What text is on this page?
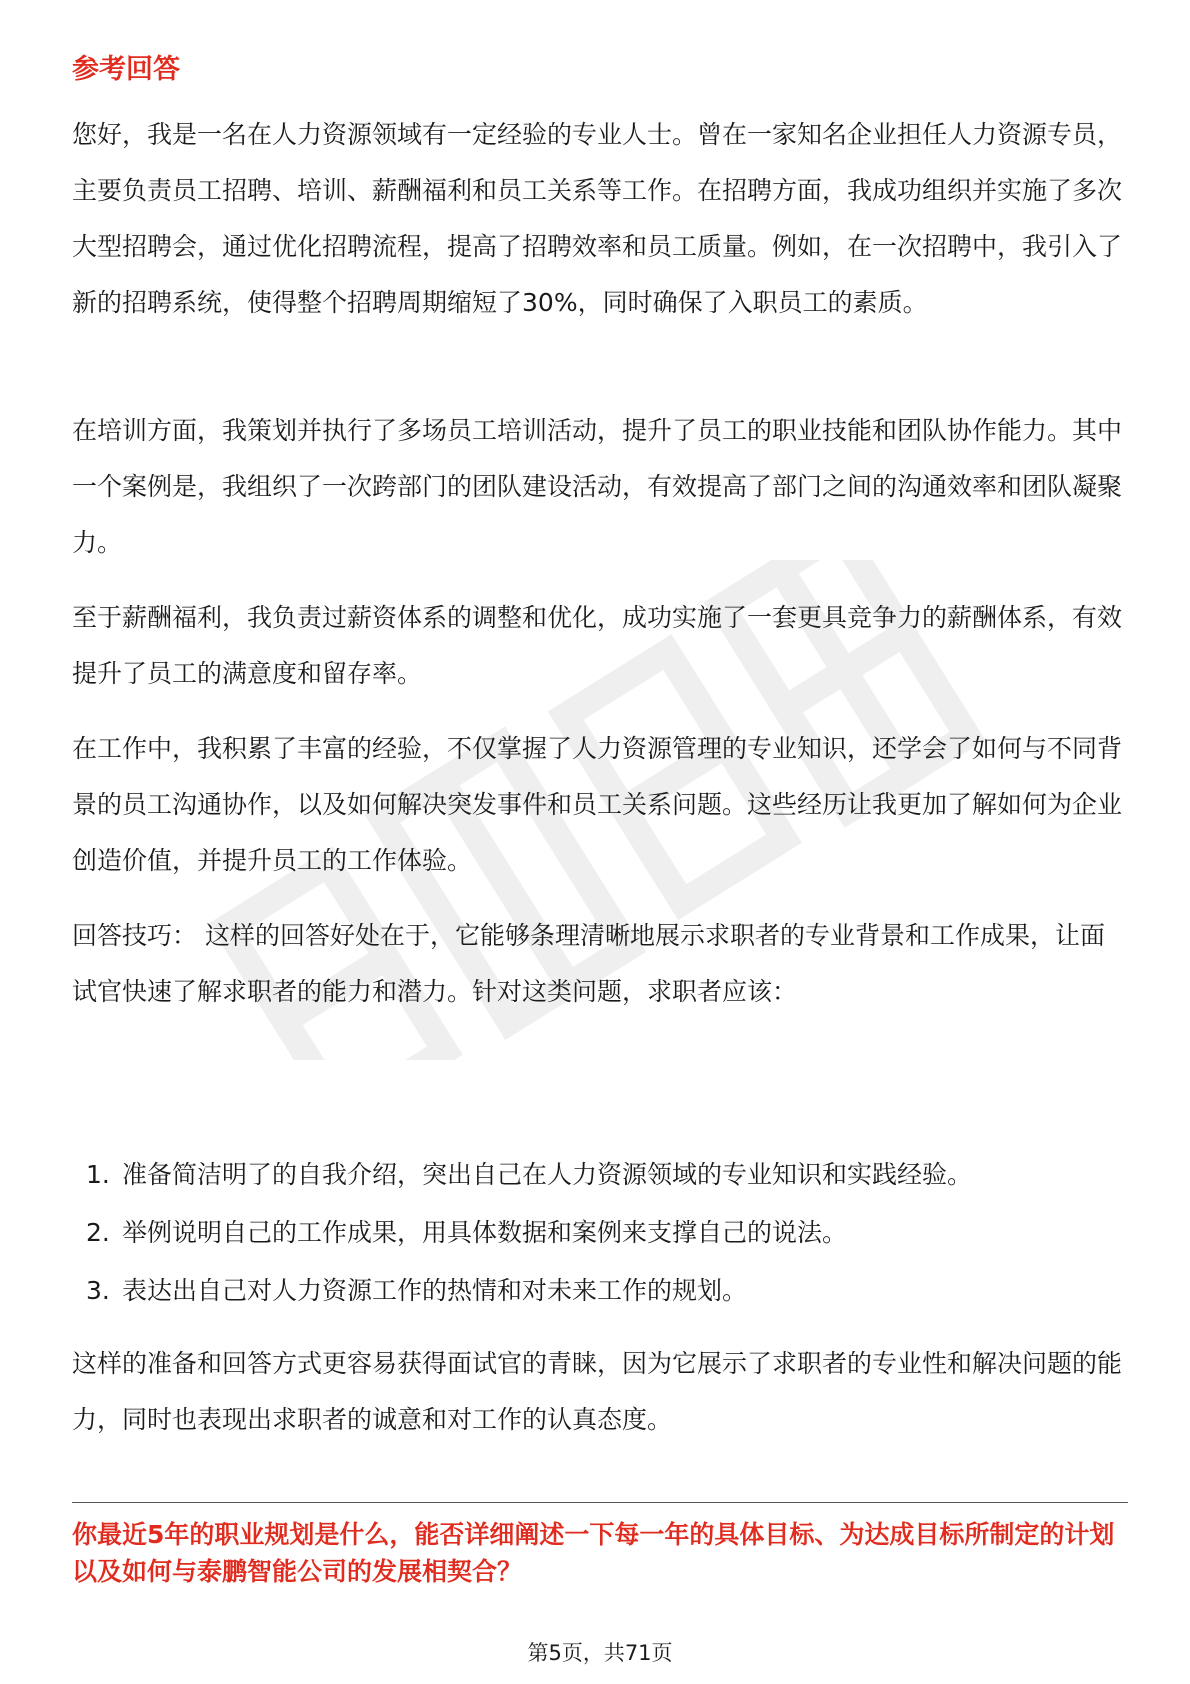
参考回答

您好，我是一名在人力资源领域有一定经验的专业人士。曾在一家知名企业担任人力资源专员，主要负责员工招聘、培训、薪酬福利和员工关系等工作。在招聘方面，我成功组织并实施了多次大型招聘会，通过优化招聘流程，提高了招聘效率和员工质量。例如，在一次招聘中，我引入了新的招聘系统，使得整个招聘周期缩短了30%，同时确保了入职员工的素质。

在培训方面，我策划并执行了多场员工培训活动，提升了员工的职业技能和团队协作能力。其中一个案例是，我组织了一次跨部门的团队建设活动，有效提高了部门之间的沟通效率和团队凝聚力。

至于薪酬福利，我负责过薪资体系的调整和优化，成功实施了一套更具竞争力的薪酬体系，有效提升了员工的满意度和留存率。

在工作中，我积累了丰富的经验，不仅掌握了人力资源管理的专业知识，还学会了如何与不同背景的员工沟通协作，以及如何解决突发事件和员工关系问题。这些经历让我更加了解如何为企业创造价值，并提升员工的工作体验。

回答技巧： 这样的回答好处在于，它能够条理清晰地展示求职者的专业背景和工作成果，让面试官快速了解求职者的能力和潜力。针对这类问题，求职者应该：

1. 准备简洁明了的自我介绍，突出自己在人力资源领域的专业知识和实践经验。
2. 举例说明自己的工作成果，用具体数据和案例来支撑自己的说法。
3. 表达出自己对人力资源工作的热情和对未来工作的规划。

这样的准备和回答方式更容易获得面试官的青睐，因为它展示了求职者的专业性和解决问题的能力，同时也表现出求职者的诚意和对工作的认真态度。

你最近5年的职业规划是什么，能否详细阐述一下每一年的具体目标、为达成目标所制定的计划以及如何与泰鹏智能公司的发展相契合？

第5页，共71页
